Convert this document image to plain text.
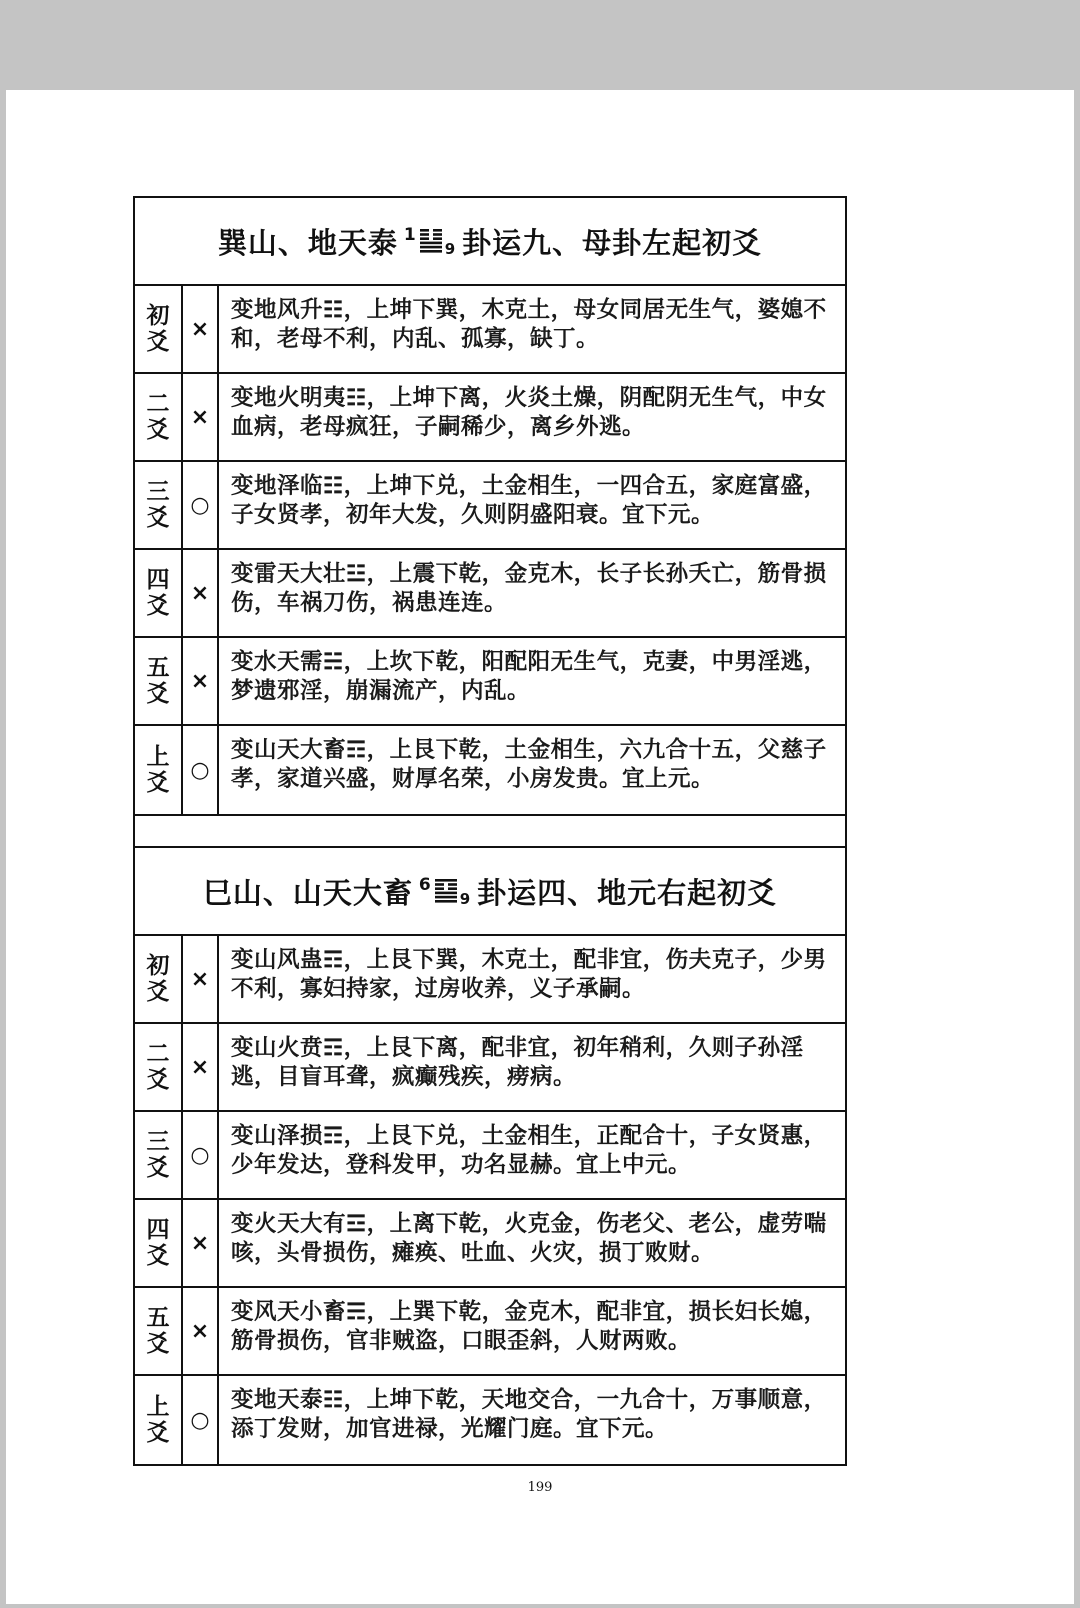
巽山、地天泰 1
9 卦运九、母卦左起初爻
初
爻 ×
变地风升☷，上坤下巽，木克土，母女同居无生气，婆媳不和，老母不利，内乱、孤寡，缺丁。
二
爻 ×
变地火明夷☷，上坤下离，火炎土燥，阴配阴无生气，中女血病，老母疯狂，子嗣稀少，离乡外逃。
三
爻 ○
变地泽临☷，上坤下兑，土金相生，一四合五，家庭富盛，子女贤孝，初年大发，久则阴盛阳衰。宜下元。
四
爻 ×
变雷天大壮☳，上震下乾，金克木，长子长孙夭亡，筋骨损伤，车祸刀伤，祸患连连。
五
爻 ×
变水天需☵，上坎下乾，阳配阳无生气，克妻，中男淫逃，梦遗邪淫，崩漏流产，内乱。
上
爻 ○
变山天大畜☶，上艮下乾，土金相生，六九合十五，父慈子孝，家道兴盛，财厚名荣，小房发贵。宜上元。
巳山、山天大畜 6
9 卦运四、地元右起初爻
初
爻 ×
变山风蛊☶，上艮下巽，木克土，配非宜，伤夫克子，少男不利，寡妇持家，过房收养，义子承嗣。
二
爻 ×
变山火贲☶，上艮下离，配非宜，初年稍利，久则子孙淫逃，目盲耳聋，疯癫残疾，痨病。
三
爻 ○
变山泽损☶，上艮下兑，土金相生，正配合十，子女贤惠，少年发达，登科发甲，功名显赫。宜上中元。
四
爻 ×
变火天大有☲，上离下乾，火克金，伤老父、老公，虚劳喘咳，头骨损伤，瘫痪、吐血、火灾，损丁败财。
五
爻 ×
变风天小畜☴，上巽下乾，金克木，配非宜，损长妇长媳，筋骨损伤，官非贼盗，口眼歪斜，人财两败。
上
爻 ○
变地天泰☷，上坤下乾，天地交合，一九合十，万事顺意，添丁发财，加官进禄，光耀门庭。宜下元。
199
